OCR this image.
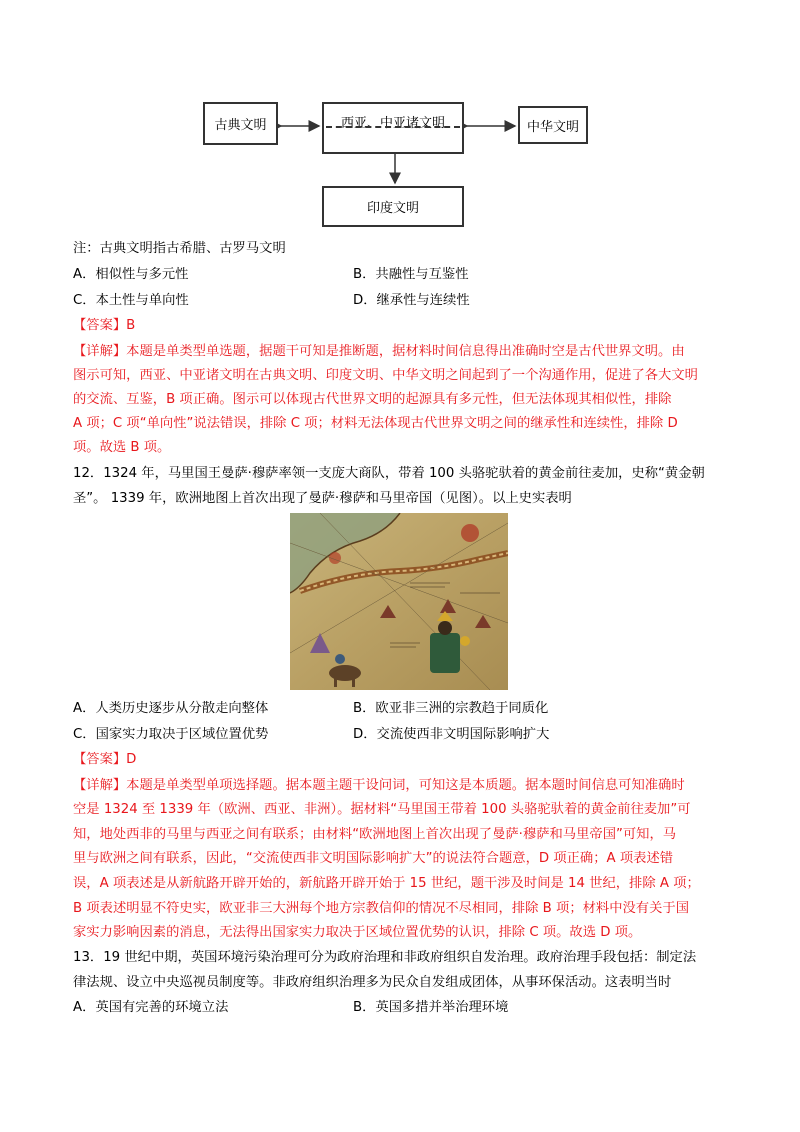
古典文明	西亚、中亚诸文明	中华文明
印度文明
注：古典文明指古希腊、古罗马文明
A．相似性与多元性	B．共融性与互鉴性
C．本土性与单向性	D．继承性与连续性
【答案】B
【详解】本题是单类型单选题，据题干可知是推断题，据材料时间信息得出准确时空是古代世界文明。由
图示可知，西亚、中亚诸文明在古典文明、印度文明、中华文明之间起到了一个沟通作用，促进了各大文明
的交流、互鉴，B 项正确。图示可以体现古代世界文明的起源具有多元性，但无法体现其相似性，排除
A 项；C 项“单向性”说法错误，排除 C 项；材料无法体现古代世界文明之间的继承性和连续性，排除 D
项。故选 B 项。
12．1324 年，马里国王曼萨·穆萨率领一支庞大商队，带着 100 头骆驼驮着的黄金前往麦加，史称“黄金朝
圣”。 1339 年，欧洲地图上首次出现了曼萨·穆萨和马里帝国（见图）。以上史实表明
A．人类历史逐步从分散走向整体	B．欧亚非三洲的宗教趋于同质化
C．国家实力取决于区域位置优势	D．交流使西非文明国际影响扩大
【答案】D
【详解】本题是单类型单项选择题。据本题主题干设问词，可知这是本质题。据本题时间信息可知准确时
空是 1324 至 1339 年（欧洲、西亚、非洲）。据材料“马里国王带着 100 头骆驼驮着的黄金前往麦加”可
知，地处西非的马里与西亚之间有联系；由材料“欧洲地图上首次出现了曼萨·穆萨和马里帝国”可知，马
里与欧洲之间有联系，因此，“交流使西非文明国际影响扩大”的说法符合题意，D 项正确；A 项表述错
误，A 项表述是从新航路开辟开始的，新航路开辟开始于 15 世纪，题干涉及时间是 14 世纪，排除 A 项；
B 项表述明显不符史实，欧亚非三大洲每个地方宗教信仰的情况不尽相同，排除 B 项；材料中没有关于国
家实力影响因素的消息，无法得出国家实力取决于区域位置优势的认识，排除 C 项。故选 D 项。
13．19 世纪中期，英国环境污染治理可分为政府治理和非政府组织自发治理。政府治理手段包括：制定法
律法规、设立中央巡视员制度等。非政府组织治理多为民众自发组成团体，从事环保活动。这表明当时
A．英国有完善的环境立法	B．英国多措并举治理环境
